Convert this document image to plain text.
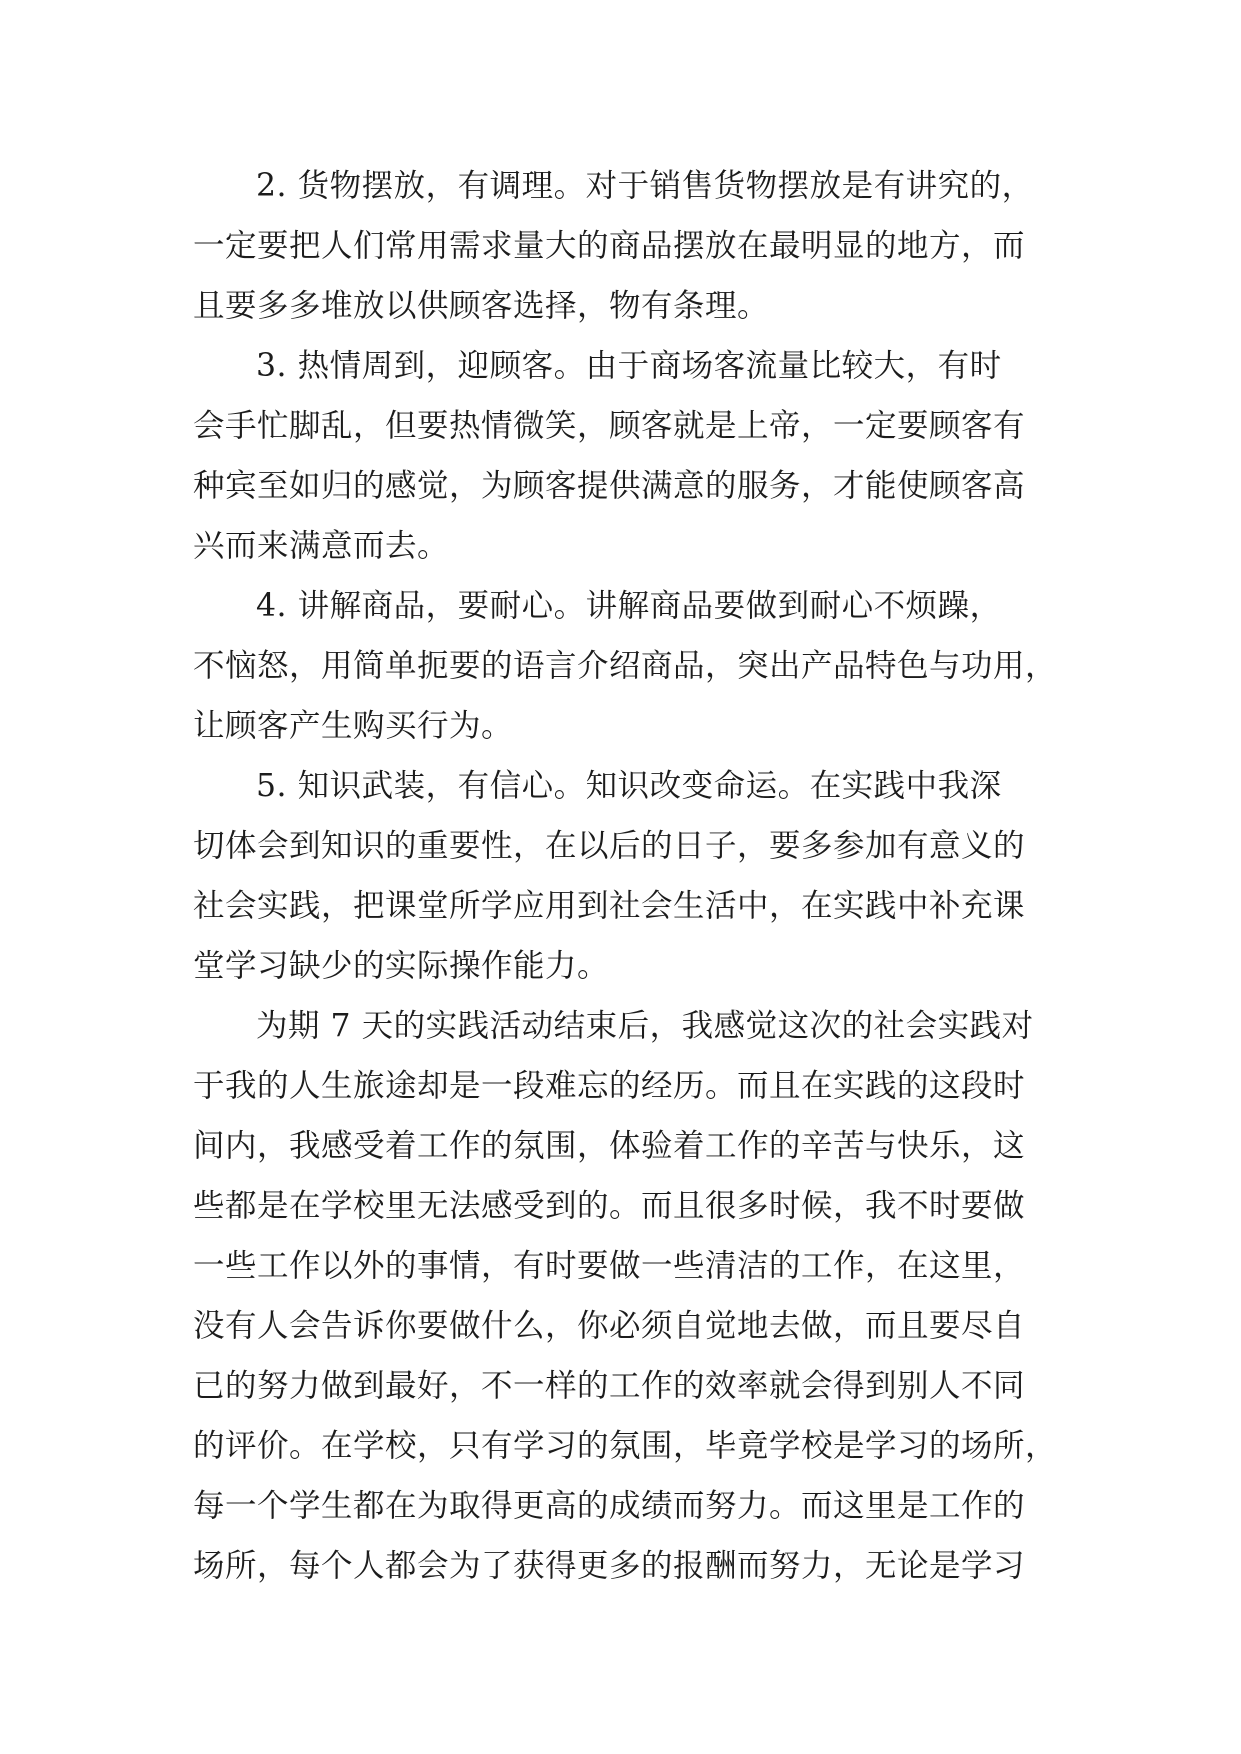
2. 货物摆放，有调理。对于销售货物摆放是有讲究的，
一定要把人们常用需求量大的商品摆放在最明显的地方，而
且要多多堆放以供顾客选择，物有条理。
3. 热情周到，迎顾客。由于商场客流量比较大，有时
会手忙脚乱，但要热情微笑，顾客就是上帝，一定要顾客有
种宾至如归的感觉，为顾客提供满意的服务，才能使顾客高
兴而来满意而去。
4. 讲解商品，要耐心。讲解商品要做到耐心不烦躁，
不恼怒，用简单扼要的语言介绍商品，突出产品特色与功用，
让顾客产生购买行为。
5. 知识武装，有信心。知识改变命运。在实践中我深
切体会到知识的重要性，在以后的日子，要多参加有意义的
社会实践，把课堂所学应用到社会生活中，在实践中补充课
堂学习缺少的实际操作能力。
为期 7 天的实践活动结束后，我感觉这次的社会实践对
于我的人生旅途却是一段难忘的经历。而且在实践的这段时
间内，我感受着工作的氛围，体验着工作的辛苦与快乐，这
些都是在学校里无法感受到的。而且很多时候，我不时要做
一些工作以外的事情，有时要做一些清洁的工作，在这里，
没有人会告诉你要做什么，你必须自觉地去做，而且要尽自
已的努力做到最好，不一样的工作的效率就会得到别人不同
的评价。在学校，只有学习的氛围，毕竟学校是学习的场所，
每一个学生都在为取得更高的成绩而努力。而这里是工作的
场所，每个人都会为了获得更多的报酬而努力，无论是学习
